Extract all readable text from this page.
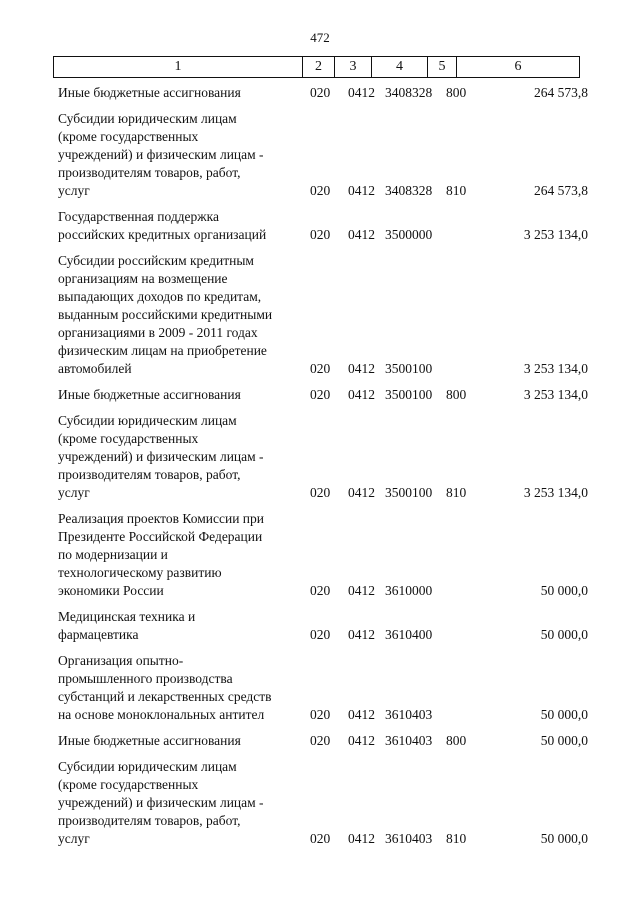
472
1	2	3	4	5	6
Иные бюджетные ассигнования	020 0412 3408328 800	264 573,8
Субсидии юридическим лицам
(кроме государственных
учреждений) и физическим лицам -
производителям товаров, работ,
услуг	020 0412 3408328 810	264 573,8
Государственная поддержка
российских кредитных организаций	020 0412 3500000	3 253 134,0
Субсидии российским кредитным
организациям на возмещение
выпадающих доходов по кредитам,
выданным российскими кредитными
организациями в 2009 - 2011 годах
физическим лицам на приобретение
автомобилей	020 0412 3500100	3 253 134,0
Иные бюджетные ассигнования	020 0412 3500100 800	3 253 134,0
Субсидии юридическим лицам
(кроме государственных
учреждений) и физическим лицам -
производителям товаров, работ,
услуг	020 0412 3500100 810	3 253 134,0
Реализация проектов Комиссии при
Президенте Российской Федерации
по модернизации и
технологическому развитию
экономики России	020 0412 3610000	50 000,0
Медицинская техника и
фармацевтика	020 0412 3610400	50 000,0
Организация опытно-
промышленного производства
субстанций и лекарственных средств
на основе моноклональных антител	020 0412 3610403	50 000,0
Иные бюджетные ассигнования	020 0412 3610403 800	50 000,0
Субсидии юридическим лицам
(кроме государственных
учреждений) и физическим лицам -
производителям товаров, работ,
услуг	020 0412 3610403 810	50 000,0
